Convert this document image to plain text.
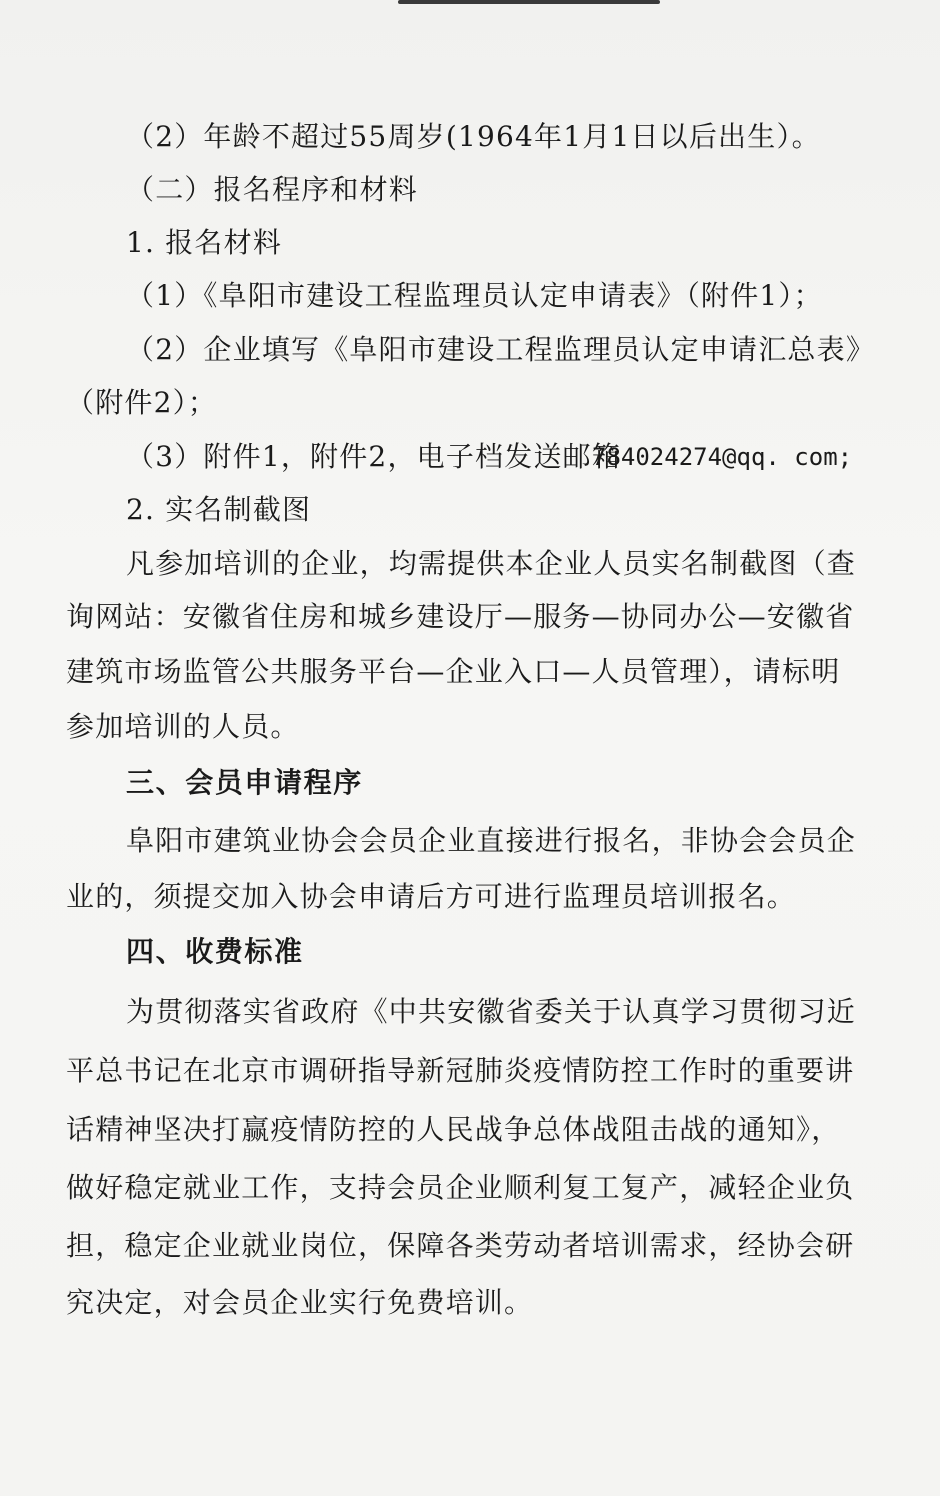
（2）年龄不超过55周岁(1964年1月1日以后出生）。
（二）报名程序和材料
1. 报名材料
（1）《阜阳市建设工程监理员认定申请表》（附件1）；
（2）企业填写《阜阳市建设工程监理员认定申请汇总表》
（附件2）；
（3）附件1，附件2，电子档发送邮箱
784024274@qq. com;
2. 实名制截图
凡参加培训的企业，均需提供本企业人员实名制截图（查
询网站：安徽省住房和城乡建设厅—服务—协同办公—安徽省
建筑市场监管公共服务平台—企业入口—人员管理），请标明
参加培训的人员。
三、会员申请程序
阜阳市建筑业协会会员企业直接进行报名，非协会会员企
业的，须提交加入协会申请后方可进行监理员培训报名。
四、收费标准
为贯彻落实省政府《中共安徽省委关于认真学习贯彻习近
平总书记在北京市调研指导新冠肺炎疫情防控工作时的重要讲
话精神坚决打赢疫情防控的人民战争总体战阻击战的通知》，
做好稳定就业工作，支持会员企业顺利复工复产，减轻企业负
担，稳定企业就业岗位，保障各类劳动者培训需求，经协会研
究决定，对会员企业实行免费培训。
